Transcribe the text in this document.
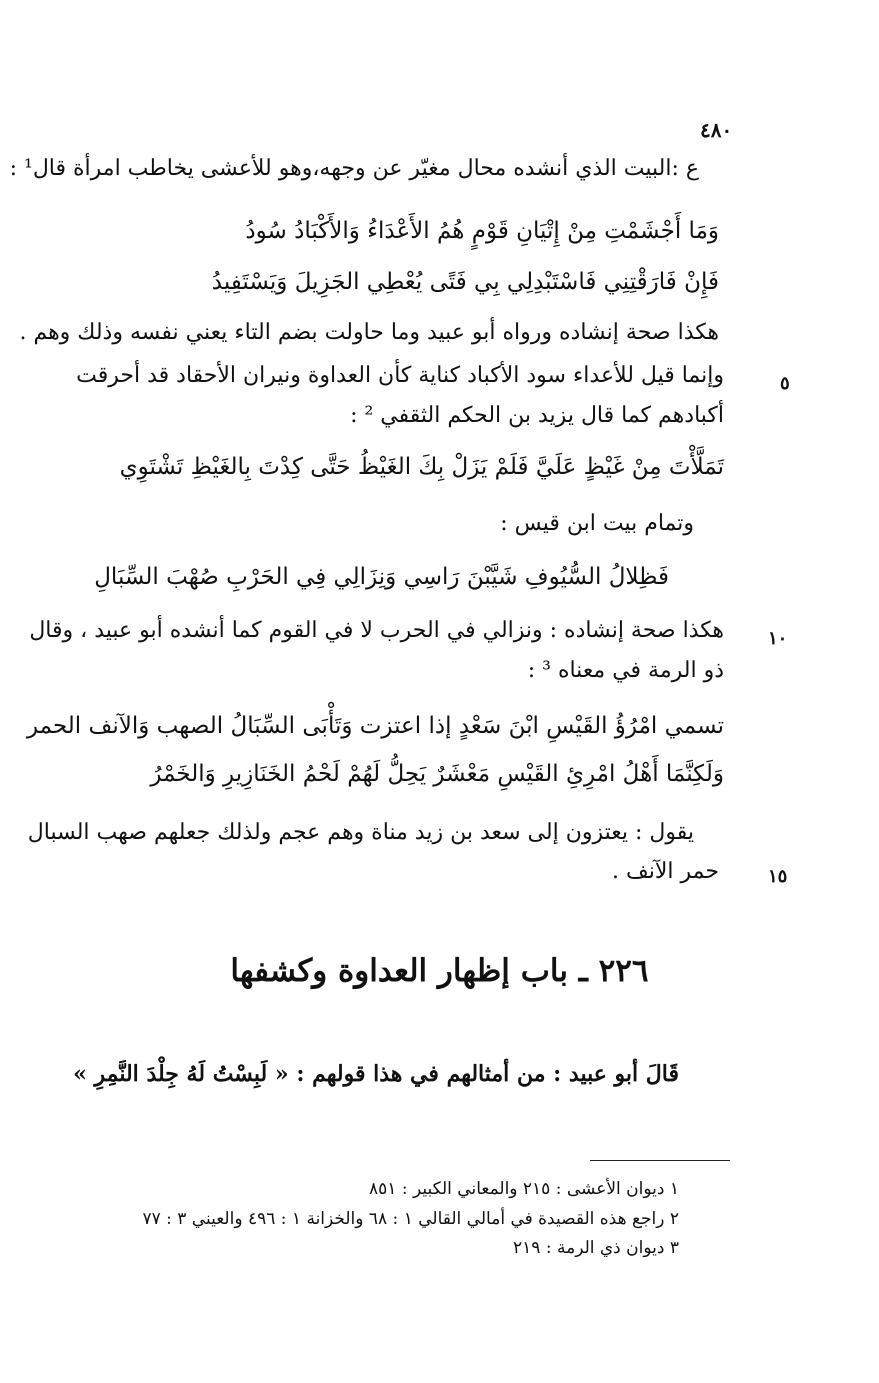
٤٨٠
ع :البيت الذي أنشده محال مغيّر عن وجهه،وهو للأعشى يخاطب امرأة قال¹ :
وَمَا أَجْشَمْتِ مِنْ إِتْيَانِ قَوْمٍ هُمُ الأَعْدَاءُ وَالأَكْبَادُ سُودُ
فَإِنْ فَارَقْتِنِي فَاسْتَبْدِلِي بِي فَتًى يُعْطِي الجَزِيلَ وَيَسْتَفِيدُ
هكذا صحة إنشاده ورواه أبو عبيد وما حاولت بضم التاء يعني نفسه وذلك وهم .
وإنما قيل للأعداء سود الأكباد كناية كأن العداوة ونيران الأحقاد قد أحرقت	٥
أكبادهم كما قال يزيد بن الحكم الثقفي ² :
تَمَلَّأْتَ مِنْ غَيْظٍ عَلَيَّ فَلَمْ يَزَلْ بِكَ الغَيْظُ حَتَّى كِدْتَ بِالغَيْظِ تَشْتَوِي
وتمام بيت ابن قيس :
فَظِلالُ السُّيُوفِ شَيَّبْنَ رَاسِي وَنِزَالِي فِي الحَرْبِ صُهْبَ السِّبَالِ
هكذا صحة إنشاده : ونزالي في الحرب لا في القوم كما أنشده أبو عبيد ، وقال ١٠
ذو الرمة في معناه ³ :
تسمي امْرُؤُ القَيْسِ ابْنَ سَعْدٍ إذا اعتزت وَتَأْبَى السِّبَالُ الصهب وَالآنف الحمر
وَلَكِنَّمَا أَهْلُ امْرِئِ القَيْسِ مَعْشَرٌ يَحِلُّ لَهُمْ لَحْمُ الخَنَازِيرِ وَالخَمْرُ
يقول : يعتزون إلى سعد بن زيد مناة وهم عجم ولذلك جعلهم صهب السبال
حمر الآنف .	١٥
٢٢٦ ـ باب إظهار العداوة وكشفها
قَالَ أبو عبيد : من أمثالهم في هذا قولهم : « لَبِسْتُ لَهُ جِلْدَ النَّمِرِ »
١ ديوان الأعشى : ٢١٥ والمعاني الكبير : ٨٥١
٢ راجع هذه القصيدة في أمالي القالي ١ : ٦٨ والخزانة ١ : ٤٩٦ والعيني ٣ : ٧٧
٣ ديوان ذي الرمة : ٢١٩
